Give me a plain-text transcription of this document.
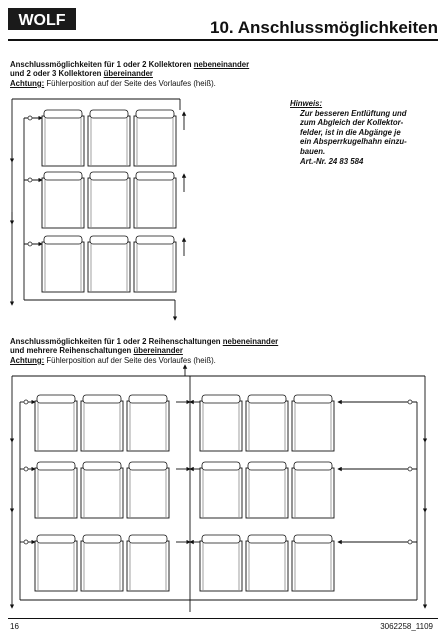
WOLF	10. Anschlussmöglichkeiten
Anschlussmöglichkeiten für 1 oder 2 Kollektoren nebeneinander
und 2 oder 3 Kollektoren übereinander
Achtung: Fühlerposition auf der Seite des Vorlaufes (heiß).
Hinweis:
Zur besseren Entlüftung und
zum Abgleich der Kollektor-
felder, ist in die Abgänge je
ein Absperrkugelhahn einzu-
bauen.
Art.-Nr. 24 83 584
Anschlussmöglichkeiten für 1 oder 2 Reihenschaltungen nebeneinander
und mehrere Reihenschaltungen übereinander
Achtung: Fühlerposition auf der Seite des Vorlaufes (heiß).
16	3062258_1109
